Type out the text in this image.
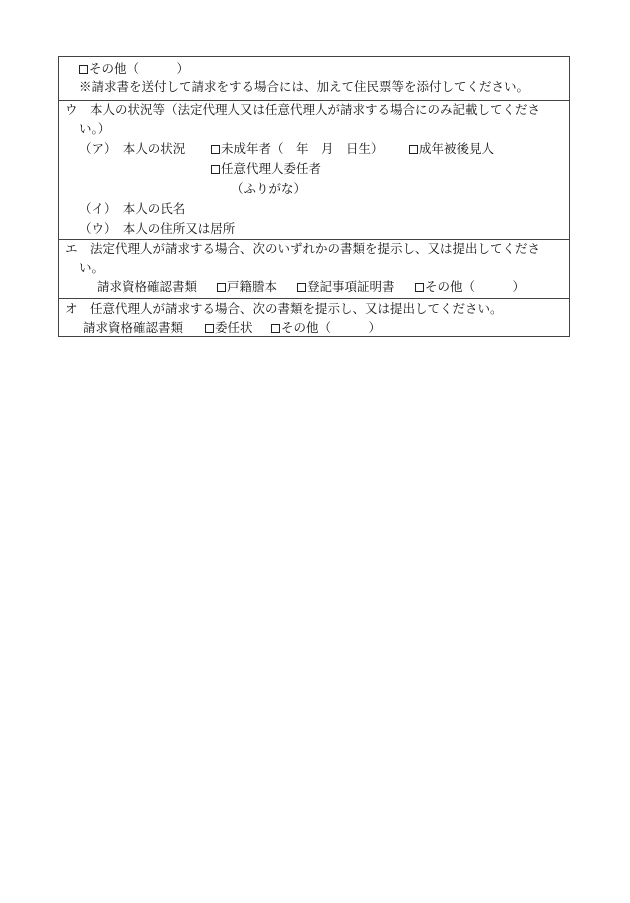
その他（　　　）
※請求書を送付して請求をする場合には、加えて住民票等を添付してください。
ウ　本人の状況等（法定代理人又は任意代理人が請求する場合にのみ記載してくださ
い。）
（ア）　本人の状況	未成年者（　年　月　日生）	成年被後見人
任意代理人委任者
（ふりがな）
（イ）　本人の氏名
（ウ）　本人の住所又は居所
エ　法定代理人が請求する場合、次のいずれかの書類を提示し、又は提出してくださ
い。
請求資格確認書類	戸籍謄本	登記事項証明書	その他（　　　）
オ　任意代理人が請求する場合、次の書類を提示し、又は提出してください。
請求資格確認書類	委任状	その他（　　　）
